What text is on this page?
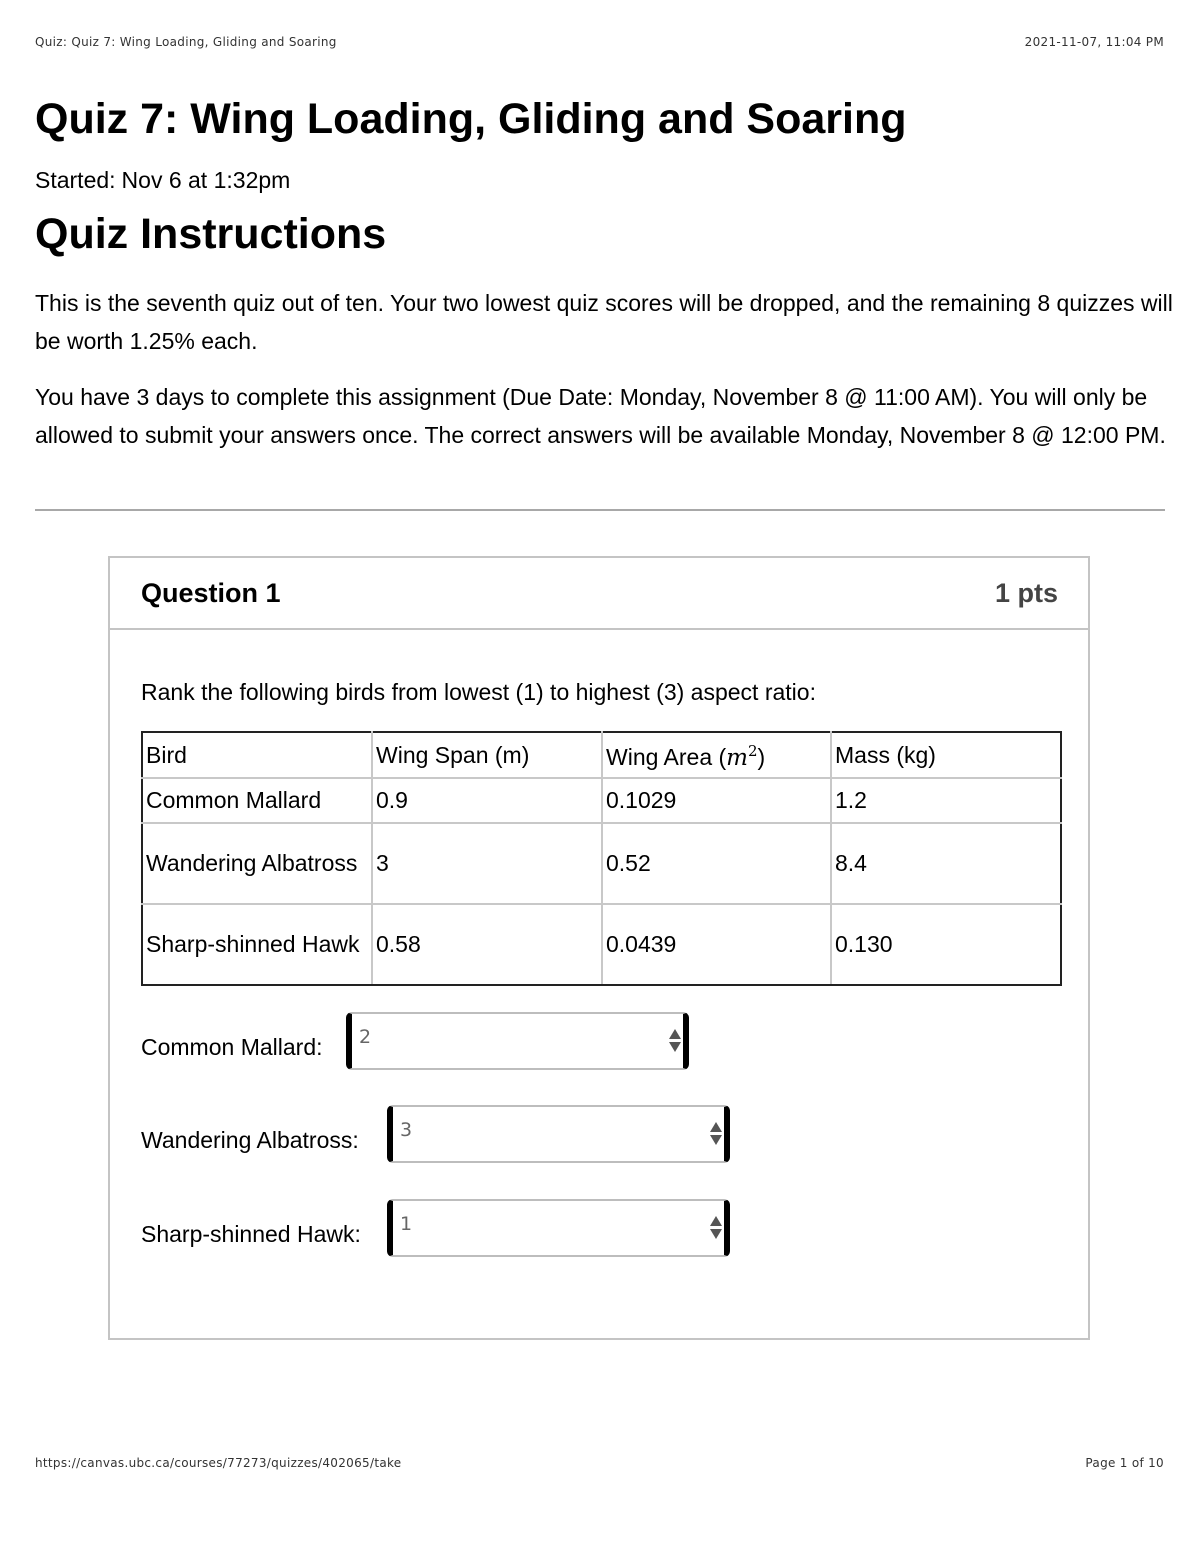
Quiz: Quiz 7: Wing Loading, Gliding and Soaring	2021-11-07, 11:04 PM
Quiz 7: Wing Loading, Gliding and Soaring
Started: Nov 6 at 1:32pm
Quiz Instructions

This is the seventh quiz out of ten. Your two lowest quiz scores will be dropped, and the remaining 8 quizzes will be worth 1.25% each.

You have 3 days to complete this assignment (Due Date: Monday, November 8 @ 11:00 AM). You will only be allowed to submit your answers once. The correct answers will be available Monday, November 8 @ 12:00 PM.

Question 1	1 pts
Rank the following birds from lowest (1) to highest (3) aspect ratio:
Bird	Wing Span (m)	Wing Area $(m^2)$	Mass (kg)
Common Mallard	0.9	0.1029	1.2
Wandering Albatross	3	0.52	8.4
Sharp-shinned Hawk	0.58	0.0439	0.130
Common Mallard: 2
Wandering Albatross: 3
Sharp-shinned Hawk: 1
https://canvas.ubc.ca/courses/77273/quizzes/402065/take	Page 1 of 10
